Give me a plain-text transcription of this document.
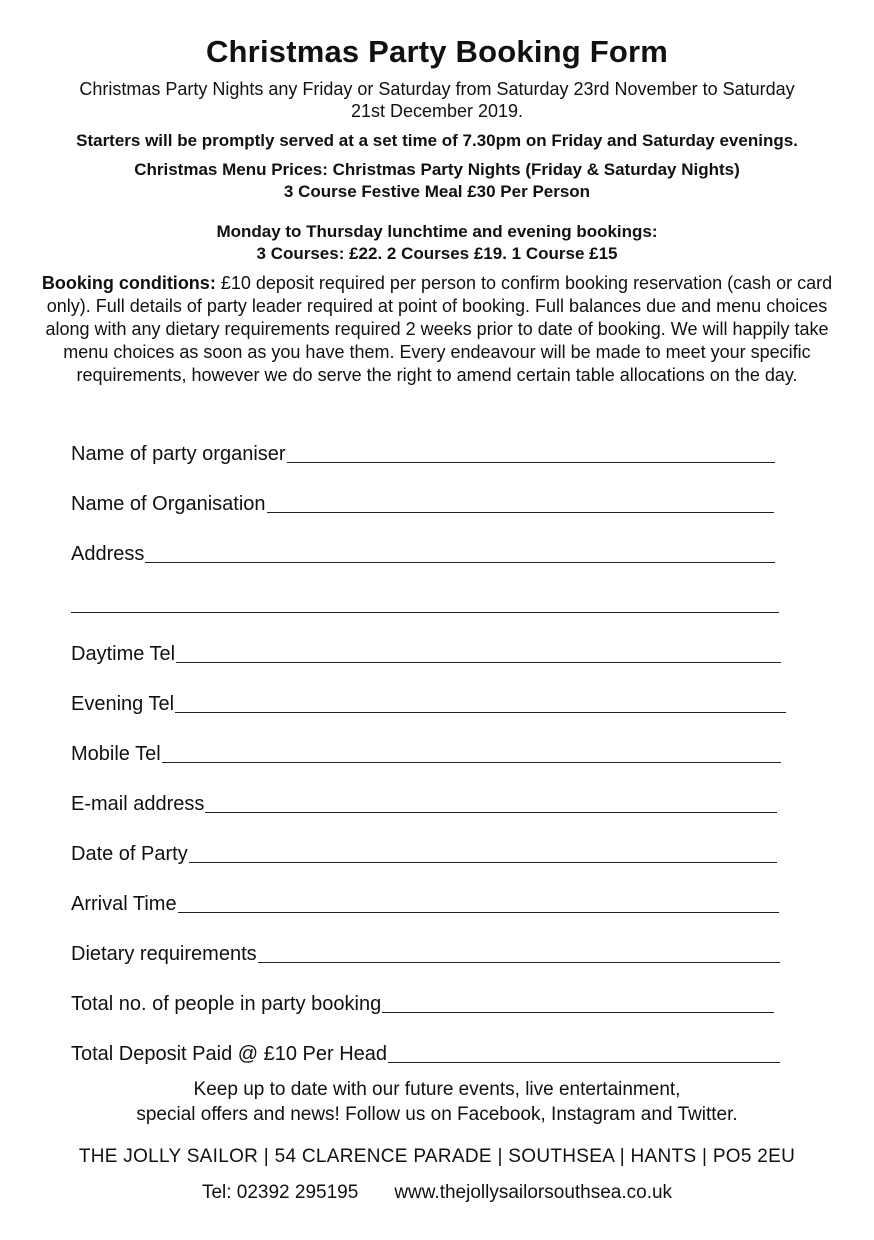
Christmas Party Booking Form
Christmas Party Nights any Friday or Saturday from Saturday 23rd November to Saturday
21st December 2019.
Starters will be promptly served at a set time of 7.30pm on Friday and Saturday evenings.
Christmas Menu Prices: Christmas Party Nights (Friday & Saturday Nights)
3 Course Festive Meal £30 Per Person
Monday to Thursday lunchtime and evening bookings:
3 Courses: £22. 2 Courses £19. 1 Course £15
Booking conditions: £10 deposit required per person to confirm booking reservation (cash or card only). Full details of party leader required at point of booking. Full balances due and menu choices along with any dietary requirements required 2 weeks prior to date of booking. We will happily take menu choices as soon as you have them. Every endeavour will be made to meet your specific requirements, however we do serve the right to amend certain table allocations on the day.
Name of party organiser
Name of Organisation
Address
Daytime Tel
Evening Tel
Mobile Tel
E-mail address
Date of Party
Arrival Time
Dietary requirements
Total no. of people in party booking
Total Deposit Paid @ £10 Per Head
Keep up to date with our future events, live entertainment,
special offers and news! Follow us on Facebook, Instagram and Twitter.
THE JOLLY SAILOR | 54 CLARENCE PARADE | SOUTHSEA | HANTS | PO5 2EU
Tel: 02392 295195 www.thejollysailorsouthsea.co.uk
